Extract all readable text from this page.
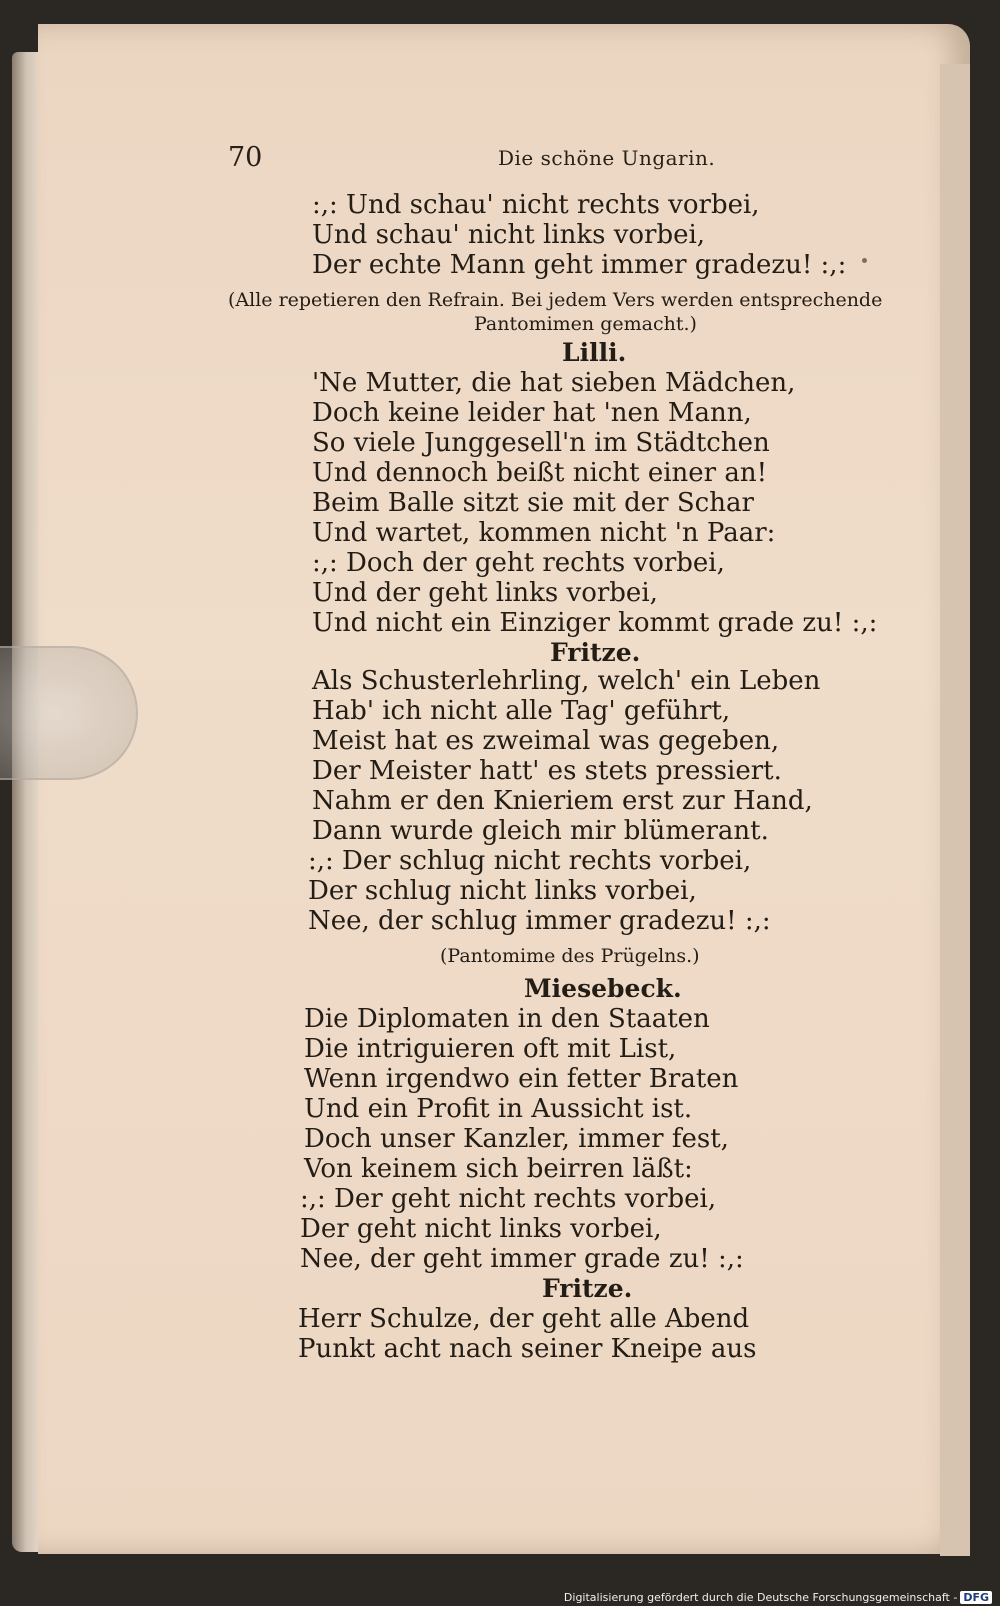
70	Die schöne Ungarin.
:,: Und schau' nicht rechts vorbei,
Und schau' nicht links vorbei,
Der echte Mann geht immer gradezu! :,:
(Alle repetieren den Refrain. Bei jedem Vers werden entsprechende
Pantomimen gemacht.)
Lilli.
'Ne Mutter, die hat sieben Mädchen,
Doch keine leider hat 'nen Mann,
So viele Junggesell'n im Städtchen
Und dennoch beißt nicht einer an!
Beim Balle sitzt sie mit der Schar
Und wartet, kommen nicht 'n Paar:
:,: Doch der geht rechts vorbei,
Und der geht links vorbei,
Und nicht ein Einziger kommt grade zu! :,:
Fritze.
Als Schusterlehrling, welch' ein Leben
Hab' ich nicht alle Tag' geführt,
Meist hat es zweimal was gegeben,
Der Meister hatt' es stets pressiert.
Nahm er den Knieriem erst zur Hand,
Dann wurde gleich mir blümerant.
:,: Der schlug nicht rechts vorbei,
Der schlug nicht links vorbei,
Nee, der schlug immer gradezu! :,:
(Pantomime des Prügelns.)
Miesebeck.
Die Diplomaten in den Staaten
Die intriguieren oft mit List,
Wenn irgendwo ein fetter Braten
Und ein Profit in Aussicht ist.
Doch unser Kanzler, immer fest,
Von keinem sich beirren läßt:
:,: Der geht nicht rechts vorbei,
Der geht nicht links vorbei,
Nee, der geht immer grade zu! :,:
Fritze.
Herr Schulze, der geht alle Abend
Punkt acht nach seiner Kneipe aus
Digitalisierung gefördert durch die Deutsche Forschungsgemeinschaft - DFG
